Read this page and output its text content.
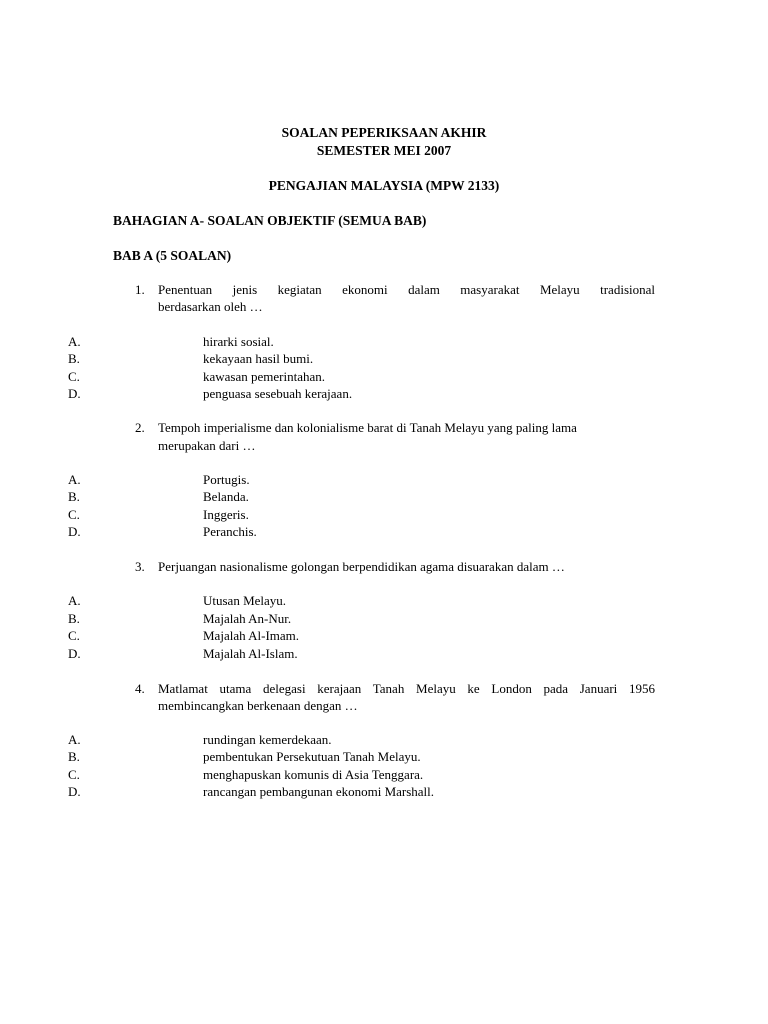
SOALAN PEPERIKSAAN AKHIR
SEMESTER MEI 2007
PENGAJIAN MALAYSIA (MPW 2133)
BAHAGIAN A- SOALAN OBJEKTIF (SEMUA BAB)
BAB A (5 SOALAN)
1. Penentuan jenis kegiatan ekonomi dalam masyarakat Melayu tradisional
berdasarkan oleh …
A.	hirarki sosial.
B.	kekayaan hasil bumi.
C.	kawasan pemerintahan.
D.	penguasa sesebuah kerajaan.
2. Tempoh imperialisme dan kolonialisme barat di Tanah Melayu yang paling lama
merupakan dari …
A.	Portugis.
B.	Belanda.
C.	Inggeris.
D.	Peranchis.
3. Perjuangan nasionalisme golongan berpendidikan agama disuarakan dalam …
A.	Utusan Melayu.
B.	Majalah An-Nur.
C.	Majalah Al-Imam.
D.	Majalah Al-Islam.
4. Matlamat utama delegasi kerajaan Tanah Melayu ke London pada Januari 1956
membincangkan berkenaan dengan …
A.	rundingan kemerdekaan.
B.	pembentukan Persekutuan Tanah Melayu.
C.	menghapuskan komunis di Asia Tenggara.
D.	rancangan pembangunan ekonomi Marshall.
